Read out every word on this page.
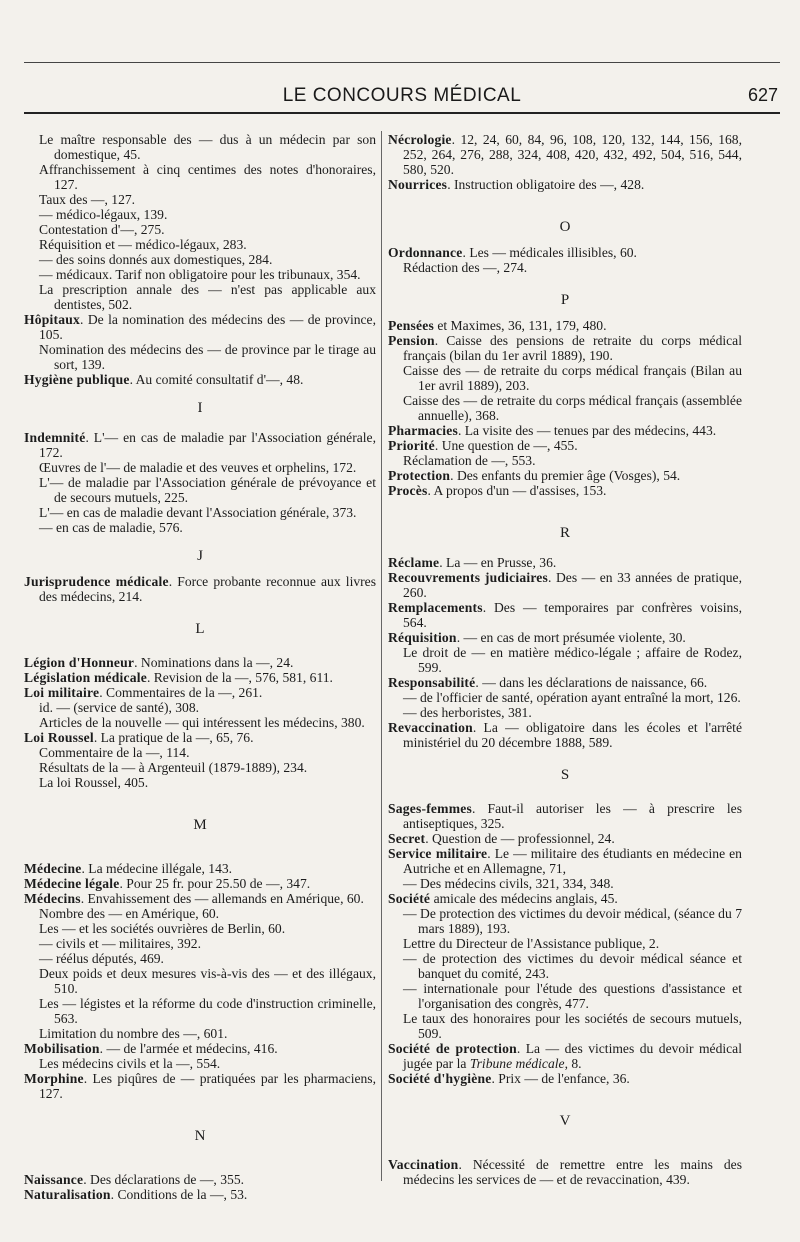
LE CONCOURS MÉDICAL	627

Le maître responsable des — dus à un médecin par son domestique, 45.

Affranchissement à cinq centimes des notes d'honoraires, 127.

Taux des —, 127.

— médico-légaux, 139.

Contestation d'—, 275.

Réquisition et — médico-légaux, 283.

— des soins donnés aux domestiques, 284.

— médicaux. Tarif non obligatoire pour les tribunaux, 354.

La prescription annale des — n'est pas applicable aux dentistes, 502.

Hôpitaux. De la nomination des médecins des — de province, 105.

Nomination des médecins des — de province par le tirage au sort, 139.

Hygiène publique. Au comité consultatif d'—, 48.

I

Indemnité. L'— en cas de maladie par l'Association générale, 172.

Œuvres de l'— de maladie et des veuves et orphelins, 172.

L'— de maladie par l'Association générale de prévoyance et de secours mutuels, 225.

L'— en cas de maladie devant l'Association générale, 373.

— en cas de maladie, 576.

J

Jurisprudence médicale. Force probante reconnue aux livres des médecins, 214.

L

Légion d'Honneur. Nominations dans la —, 24.

Législation médicale. Revision de la —, 576, 581, 611.

Loi militaire. Commentaires de la —, 261.

id. — (service de santé), 308.

Articles de la nouvelle — qui intéressent les médecins, 380.

Loi Roussel. La pratique de la —, 65, 76.

Commentaire de la —, 114.

Résultats de la — à Argenteuil (1879-1889), 234.

La loi Roussel, 405.

M

Médecine. La médecine illégale, 143.

Médecine légale. Pour 25 fr. pour 25.50 de —, 347.

Médecins. Envahissement des — allemands en Amérique, 60.

Nombre des — en Amérique, 60.

Les — et les sociétés ouvrières de Berlin, 60.

— civils et — militaires, 392.

— réélus députés, 469.

Deux poids et deux mesures vis-à-vis des — et des illégaux, 510.

Les — légistes et la réforme du code d'instruction criminelle, 563.

Limitation du nombre des —, 601.

Mobilisation. — de l'armée et médecins, 416.

Les médecins civils et la —, 554.

Morphine. Les piqûres de — pratiquées par les pharmaciens, 127.

N

Naissance. Des déclarations de —, 355.

Naturalisation. Conditions de la —, 53.

Nécrologie. 12, 24, 60, 84, 96, 108, 120, 132, 144, 156, 168, 252, 264, 276, 288, 324, 408, 420, 432, 492, 504, 516, 544, 580, 520.

Nourrices. Instruction obligatoire des —, 428.

O

Ordonnance. Les — médicales illisibles, 60.

Rédaction des —, 274.

P

Pensées et Maximes, 36, 131, 179, 480.

Pension. Caisse des pensions de retraite du corps médical français (bilan du 1er avril 1889), 190.

Caisse des — de retraite du corps médical français (Bilan au 1er avril 1889), 203.

Caisse des — de retraite du corps médical français (assemblée annuelle), 368.

Pharmacies. La visite des — tenues par des médecins, 443.

Priorité. Une question de —, 455.

Réclamation de —, 553.

Protection. Des enfants du premier âge (Vosges), 54.

Procès. A propos d'un — d'assises, 153.

R

Réclame. La — en Prusse, 36.

Recouvrements judiciaires. Des — en 33 années de pratique, 260.

Remplacements. Des — temporaires par confrères voisins, 564.

Réquisition. — en cas de mort présumée violente, 30.

Le droit de — en matière médico-légale ; affaire de Rodez, 599.

Responsabilité. — dans les déclarations de naissance, 66.

— de l'officier de santé, opération ayant entraîné la mort, 126.

— des herboristes, 381.

Revaccination. La — obligatoire dans les écoles et l'arrêté ministériel du 20 décembre 1888, 589.

S

Sages-femmes. Faut-il autoriser les — à prescrire les antiseptiques, 325.

Secret. Question de — professionnel, 24.

Service militaire. Le — militaire des étudiants en médecine en Autriche et en Allemagne, 71,

— Des médecins civils, 321, 334, 348.

Société amicale des médecins anglais, 45.

— De protection des victimes du devoir médical, (séance du 7 mars 1889), 193.

Lettre du Directeur de l'Assistance publique, 2.

— de protection des victimes du devoir médical séance et banquet du comité, 243.

— internationale pour l'étude des questions d'assistance et l'organisation des congrès, 477.

Le taux des honoraires pour les sociétés de secours mutuels, 509.

Société de protection. La — des victimes du devoir médical jugée par la Tribune médicale, 8.

Société d'hygiène. Prix — de l'enfance, 36.

V

Vaccination. Nécessité de remettre entre les mains des médecins les services de — et de revaccination, 439.
